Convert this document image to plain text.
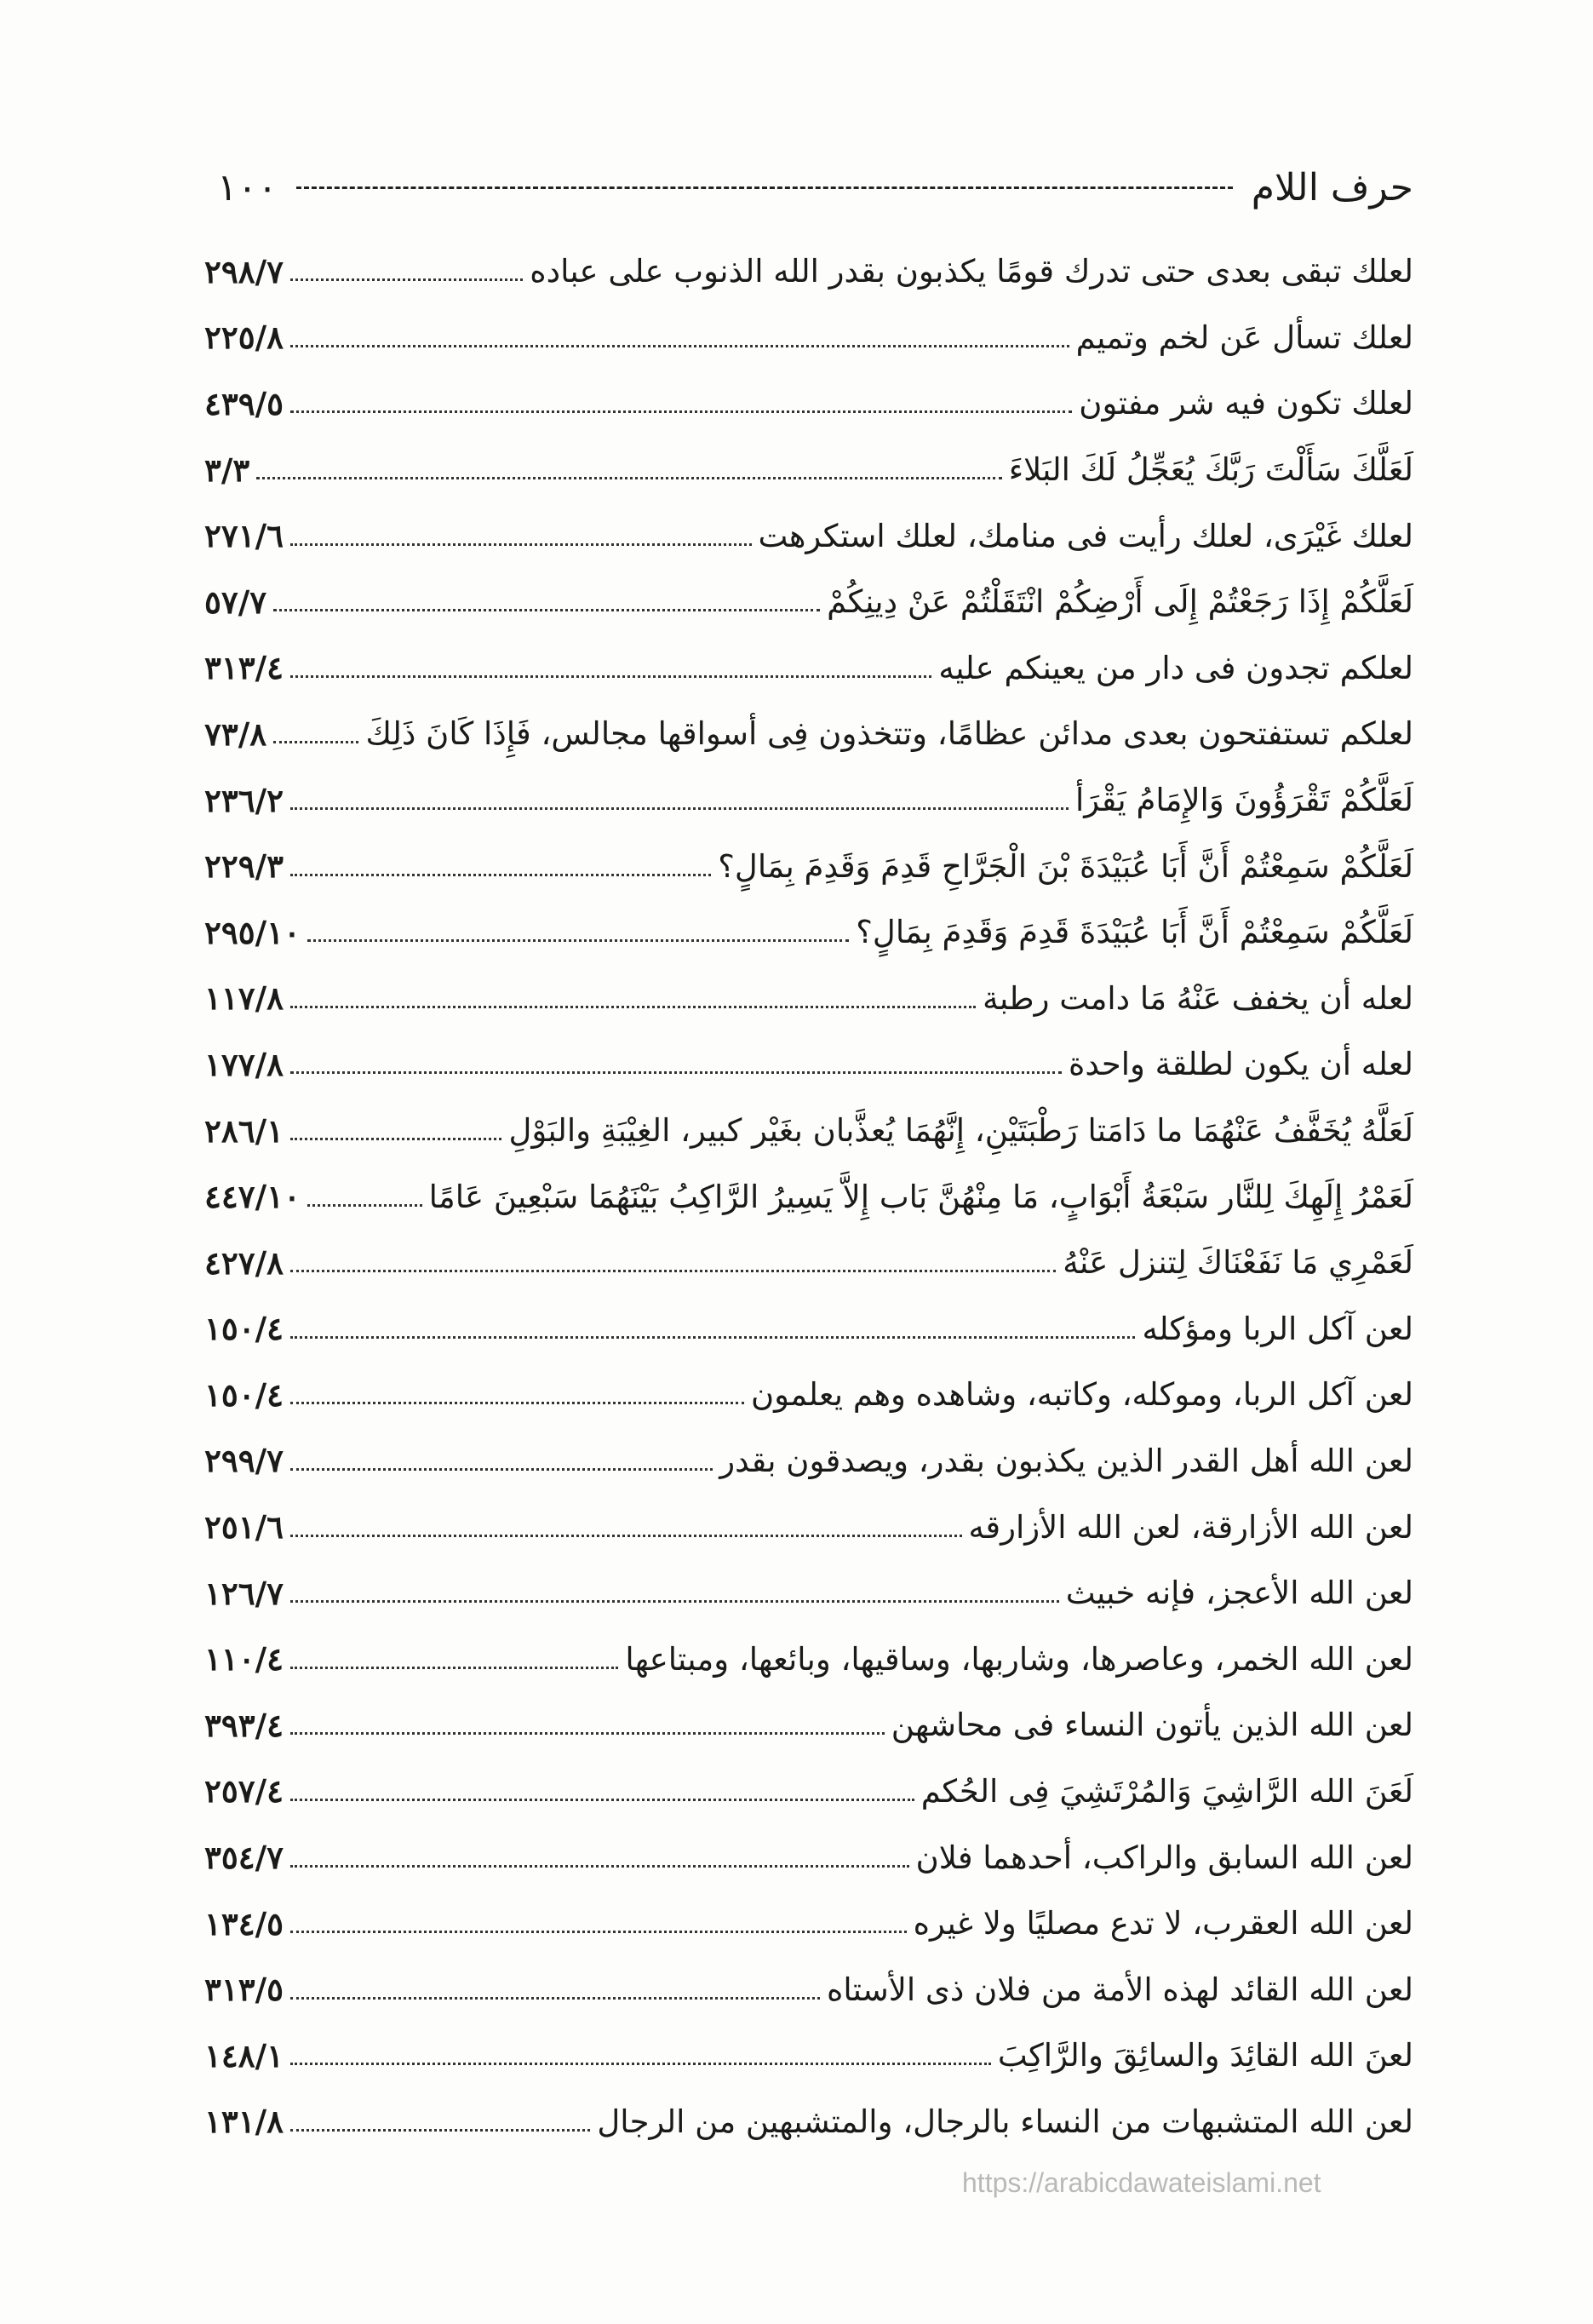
حرف اللام
١٠٠
لعلك تبقى بعدى حتى تدرك قومًا يكذبون بقدر الله الذنوب على عباده
٢٩٨/٧
لعلك تسأل عَن لخم وتميم
٢٢٥/٨
لعلك تكون فيه شر مفتون
٤٣٩/٥
لَعَلَّكَ سَأَلْتَ رَبَّكَ يُعَجِّلُ لَكَ البَلاءَ
٣/٣
لعلك غَيْرَى، لعلك رأيت فى منامك، لعلك استكرهت
٢٧١/٦
لَعَلَّكُمْ إِذَا رَجَعْتُمْ إِلَى أَرْضِكُمْ انْتَقَلْتُمْ عَنْ دِينِكُمْ
٥٧/٧
لعلكم تجدون فى دار من يعينكم عليه
٣١٣/٤
لعلكم تستفتحون بعدى مدائن عظامًا، وتتخذون فِى أسواقها مجالس، فَإِذَا كَانَ ذَلِكَ
٧٣/٨
لَعَلَّكُمْ تَقْرَؤُونَ وَالإِمَامُ يَقْرَأ
٢٣٦/٢
لَعَلَّكُمْ سَمِعْتُمْ أَنَّ أَبَا عُبَيْدَةَ بْنَ الْجَرَّاحِ قَدِمَ وَقَدِمَ بِمَالٍ؟
٢٢٩/٣
لَعَلَّكُمْ سَمِعْتُمْ أَنَّ أَبَا عُبَيْدَةَ قَدِمَ وَقَدِمَ بِمَالٍ؟
٢٩٥/١٠
لعله أن يخفف عَنْهُ مَا دامت رطبة
١١٧/٨
لعله أن يكون لطلقة واحدة
١٧٧/٨
لَعَلَّهُ يُخَفَّفُ عَنْهُمَا ما دَامَتا رَطْبَتَيْنِ، إِنَّهُمَا يُعذَّبان بغَيْر كبير، الغِيْبَةِ والبَوْلِ
٢٨٦/١
لَعَمْرُ إِلَهِكَ لِلنَّار سَبْعَةُ أَبْوَابٍ، مَا مِنْهُنَّ بَاب إِلاَّ يَسِيرُ الرَّاكِبُ بَيْنَهُمَا سَبْعِينَ عَامًا
٤٤٧/١٠
لَعَمْرِي مَا نَفَعْنَاكَ لِتنزل عَنْهُ
٤٢٧/٨
لعن آكل الربا ومؤكله
١٥٠/٤
لعن آكل الربا، وموكله، وكاتبه، وشاهده وهم يعلمون
١٥٠/٤
لعن الله أهل القدر الذين يكذبون بقدر، ويصدقون بقدر
٢٩٩/٧
لعن الله الأزارقة، لعن الله الأزارقه
٢٥١/٦
لعن الله الأعجز، فإنه خبيث
١٢٦/٧
لعن الله الخمر، وعاصرها، وشاربها، وساقيها، وبائعها، ومبتاعها
١١٠/٤
لعن الله الذين يأتون النساء فى محاشهن
٣٩٣/٤
لَعَنَ الله الرَّاشِيَ وَالمُرْتَشِيَ فِى الحُكم
٢٥٧/٤
لعن الله السابق والراكب، أحدهما فلان
٣٥٤/٧
لعن الله العقرب، لا تدع مصليًا ولا غيره
١٣٤/٥
لعن الله القائد لهذه الأمة من فلان ذى الأستاه
٣١٣/٥
لعنَ الله القائِدَ والسائِقَ والرَّاكِبَ
١٤٨/١
لعن الله المتشبهات من النساء بالرجال، والمتشبهين من الرجال
١٣١/٨
https://arabicdawateislami.net
